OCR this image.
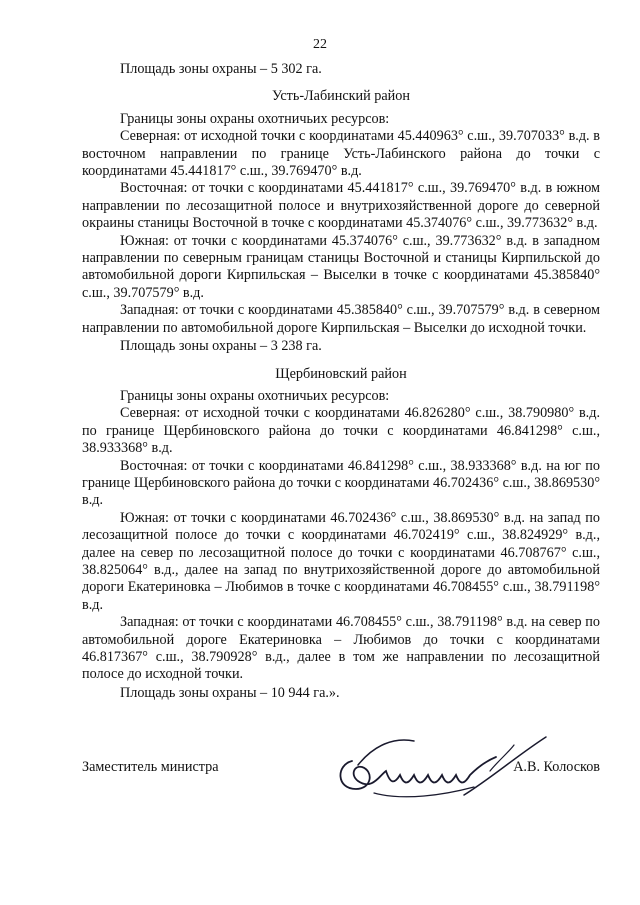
22

Площадь зоны охраны – 5 302 га.

Усть-Лабинский район

Границы зоны охраны охотничьих ресурсов:

Северная: от исходной точки с координатами 45.440963° с.ш., 39.707033° в.д. в восточном направлении по границе Усть-Лабинского района до точки с координатами 45.441817° с.ш., 39.769470° в.д.

Восточная: от точки с координатами 45.441817° с.ш., 39.769470° в.д. в южном направлении по лесозащитной полосе и внутрихозяйственной дороге до северной окраины станицы Восточной в точке с координатами 45.374076° с.ш., 39.773632° в.д.

Южная: от точки с координатами 45.374076° с.ш., 39.773632° в.д. в западном направлении по северным границам станицы Восточной и станицы Кирпильской до автомобильной дороги Кирпильская – Выселки в точке с координатами 45.385840° с.ш., 39.707579° в.д.

Западная: от точки с координатами 45.385840° с.ш., 39.707579° в.д. в северном направлении по автомобильной дороге Кирпильская – Выселки до исходной точки.

Площадь зоны охраны – 3 238 га.

Щербиновский район

Границы зоны охраны охотничьих ресурсов:

Северная: от исходной точки с координатами 46.826280° с.ш., 38.790980° в.д. по границе Щербиновского района до точки с координатами 46.841298° с.ш., 38.933368° в.д.

Восточная: от точки с координатами 46.841298° с.ш., 38.933368° в.д. на юг по границе Щербиновского района до точки с координатами 46.702436° с.ш., 38.869530° в.д.

Южная: от точки с координатами 46.702436° с.ш., 38.869530° в.д. на запад по лесозащитной полосе до точки с координатами 46.702419° с.ш., 38.824929° в.д., далее на север по лесозащитной полосе до точки с координатами 46.708767° с.ш., 38.825064° в.д., далее на запад по внутрихозяйственной дороге до автомобильной дороги Екатериновка – Любимов в точке с координатами 46.708455° с.ш., 38.791198° в.д.

Западная: от точки с координатами 46.708455° с.ш., 38.791198° в.д. на север по автомобильной дороге Екатериновка – Любимов до точки с координатами 46.817367° с.ш., 38.790928° в.д., далее в том же направлении по лесозащитной полосе до исходной точки.

Площадь зоны охраны – 10 944 га.».

Заместитель министра	А.В. Колосков
